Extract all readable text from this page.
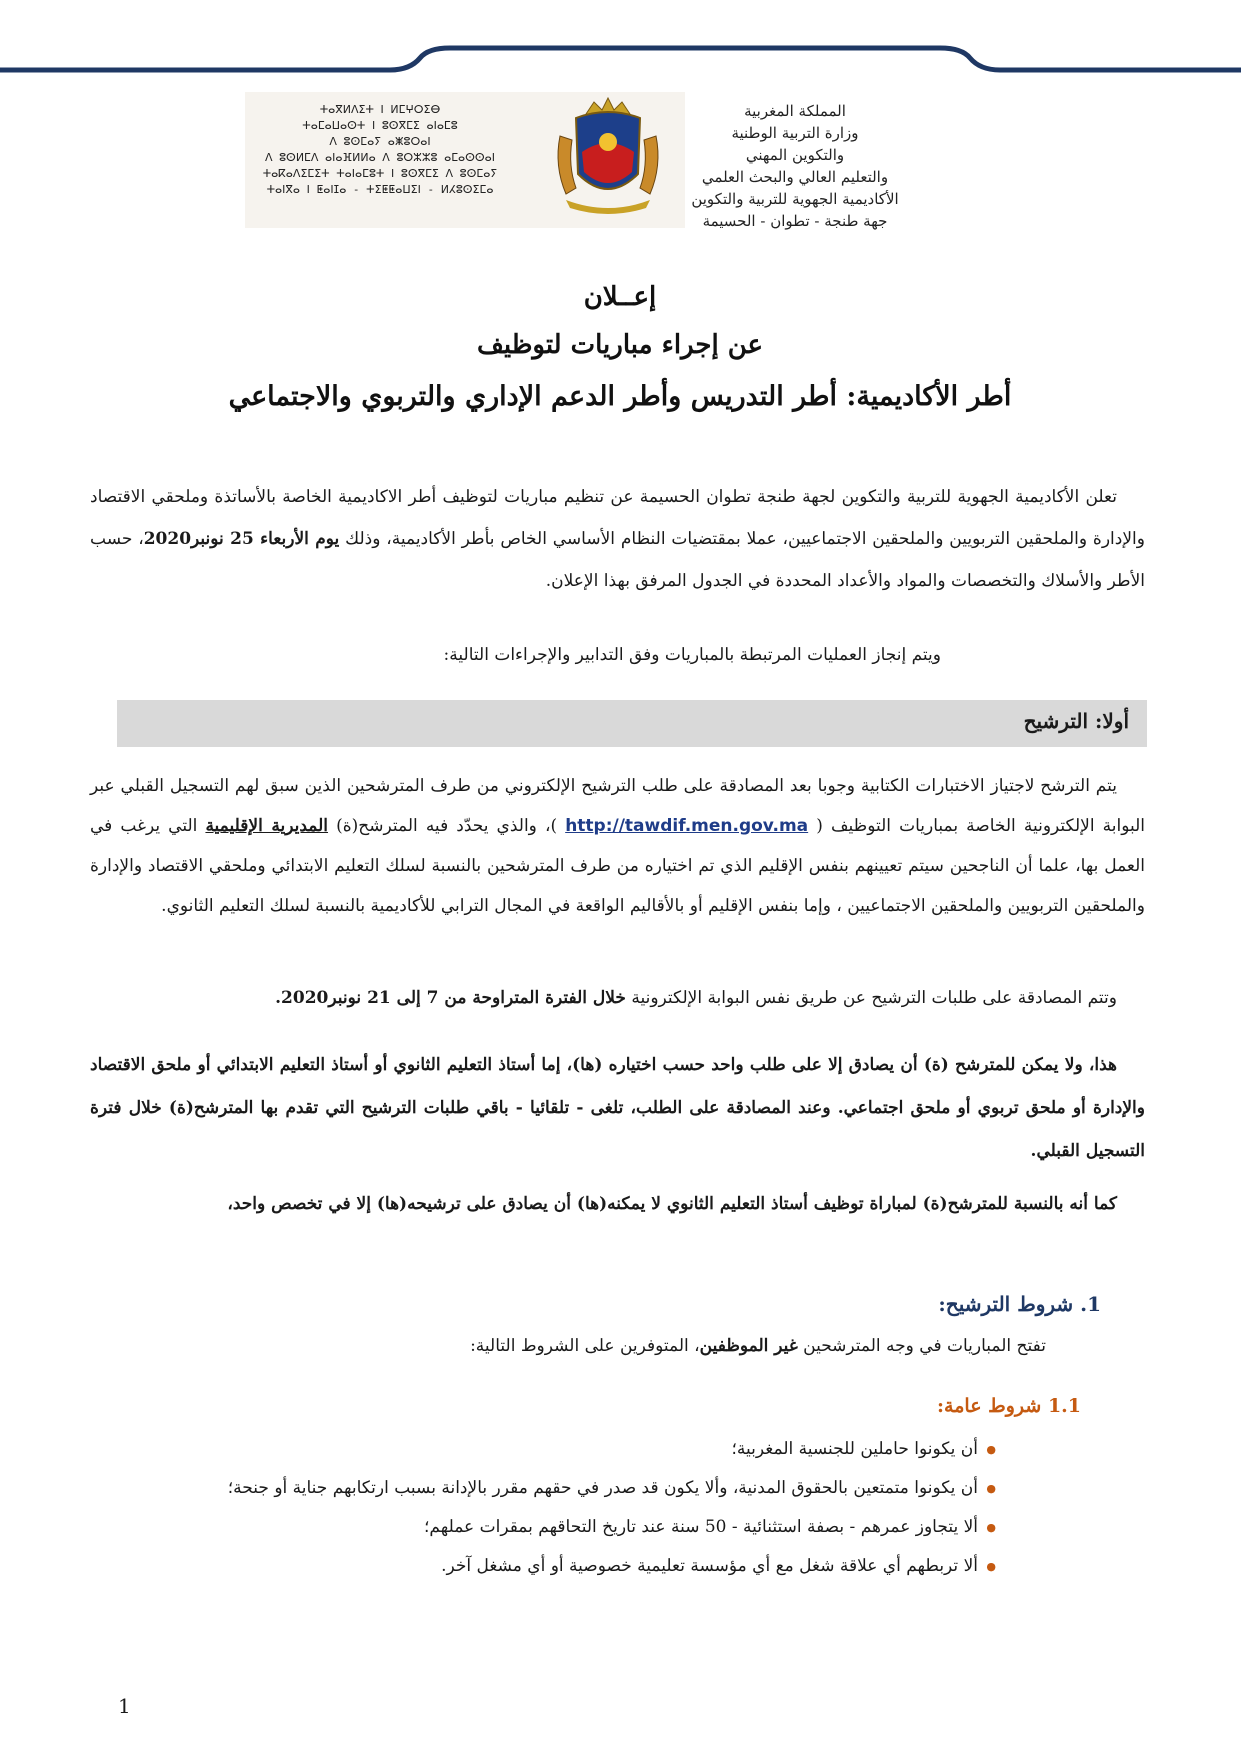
ⵜⴰⴳⵍⴷⵉⵜ ⵏ ⵍⵎⵖⵔⵉⴱ
ⵜⴰⵎⴰⵡⴰⵙⵜ ⵏ ⵓⵙⴳⵎⵉ ⴰⵏⴰⵎⵓ
ⴷ ⵓⵙⵎⴰⵢ ⴰⵥⵓⵔⴰⵏ
ⴷ ⵓⵙⵍⵎⴷ ⴰⵏⴰⴼⵍⵍⴰ ⴷ ⵓⵔⵣⵣⵓ ⴰⵎⴰⵙⵙⴰⵏ
ⵜⴰⴽⴰⴷⵉⵎⵉⵜ ⵜⴰⵏⴰⵎⵓⵜ ⵏ ⵓⵙⴳⵎⵉ ⴷ ⵓⵙⵎⴰⵢ
ⵜⴰⵏⴳⴰ ⵏ ⵟⴰⵏⵊⴰ - ⵜⵉⵟⵟⴰⵡⵉⵏ - ⵍⵃⵓⵙⵉⵎⴰ
المملكة المغربية
وزارة التربية الوطنية
والتكوين المهني
والتعليم العالي والبحث العلمي
الأكاديمية الجهوية للتربية والتكوين
جهة طنجة - تطوان - الحسيمة
إعــلان
عن إجراء مباريات لتوظيف
أطر الأكاديمية: أطر التدريس وأطر الدعم الإداري والتربوي والاجتماعي
تعلن الأكاديمية الجهوية للتربية والتكوين لجهة طنجة تطوان الحسيمة عن تنظيم مباريات لتوظيف أطر الاكاديمية الخاصة بالأساتذة وملحقي الاقتصاد والإدارة والملحقين التربويين والملحقين الاجتماعيين، عملا بمقتضيات النظام الأساسي الخاص بأطر الأكاديمية، وذلك يوم الأربعاء 25 نونبر2020، حسب الأطر والأسلاك والتخصصات والمواد والأعداد المحددة في الجدول المرفق بهذا الإعلان.
ويتم إنجاز العمليات المرتبطة بالمباريات وفق التدابير والإجراءات التالية:
أولا: الترشيح
يتم الترشح لاجتياز الاختبارات الكتابية وجوبا بعد المصادقة على طلب الترشيح الإلكتروني من طرف المترشحين الذين سبق لهم التسجيل القبلي عبر البوابة الإلكترونية الخاصة بمباريات التوظيف ( http://tawdif.men.gov.ma )، والذي يحدّد فيه المترشح(ة) المديرية الإقليمية التي يرغب في العمل بها، علما أن الناجحين سيتم تعيينهم بنفس الإقليم الذي تم اختياره من طرف المترشحين بالنسبة لسلك التعليم الابتدائي وملحقي الاقتصاد والإدارة والملحقين التربويين والملحقين الاجتماعيين ، وإما بنفس الإقليم أو بالأقاليم الواقعة في المجال الترابي للأكاديمية بالنسبة لسلك التعليم الثانوي.
وتتم المصادقة على طلبات الترشيح عن طريق نفس البوابة الإلكترونية خلال الفترة المتراوحة من 7 إلى 21 نونبر2020.
هذا، ولا يمكن للمترشح (ة) أن يصادق إلا على طلب واحد حسب اختياره (ها)، إما أستاذ التعليم الثانوي أو أستاذ التعليم الابتدائي أو ملحق الاقتصاد والإدارة أو ملحق تربوي أو ملحق اجتماعي. وعند المصادقة على الطلب، تلغى - تلقائيا - باقي طلبات الترشيح التي تقدم بها المترشح(ة) خلال فترة التسجيل القبلي.
كما أنه بالنسبة للمترشح(ة) لمباراة توظيف أستاذ التعليم الثانوي لا يمكنه(ها) أن يصادق على ترشيحه(ها) إلا في تخصص واحد،
1. شروط الترشيح:
تفتح المباريات في وجه المترشحين غير الموظفين، المتوفرين على الشروط التالية:
1.1 شروط عامة:
● أن يكونوا حاملين للجنسية المغربية؛
● أن يكونوا متمتعين بالحقوق المدنية، وألا يكون قد صدر في حقهم مقرر بالإدانة بسبب ارتكابهم جناية أو جنحة؛
● ألا يتجاوز عمرهم - بصفة استثنائية - 50 سنة عند تاريخ التحاقهم بمقرات عملهم؛
● ألا تربطهم أي علاقة شغل مع أي مؤسسة تعليمية خصوصية أو أي مشغل آخر.
1
